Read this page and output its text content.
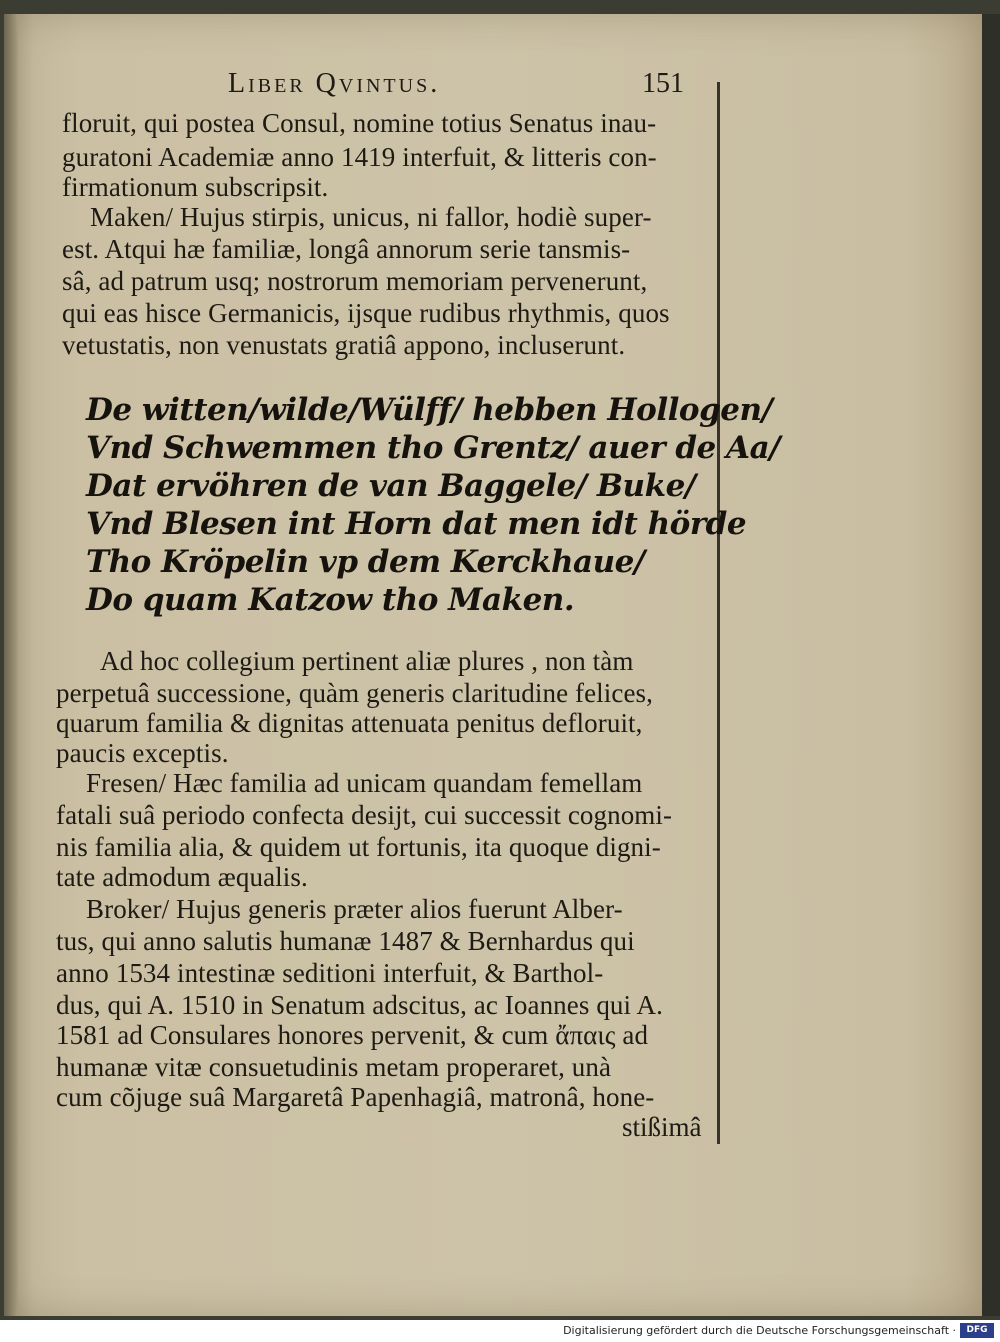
Liber Qvintus.	151
floruit, qui postea Consul, nomine totius Senatus inau-
guratoni Academiæ anno 1419 interfuit, & litteris con-
firmationum subscripsit.
Maken/ Hujus stirpis, unicus, ni fallor, hodiè super-
est. Atqui hæ familiæ, longâ annorum serie tansmis-
sâ, ad patrum usq; nostrorum memoriam pervenerunt,
qui eas hisce Germanicis, ijsque rudibus rhythmis, quos
vetustatis, non venustats gratiâ appono, incluserunt.
De witten/wilde/Wülff/ hebben Hollogen/
Vnd Schwemmen tho Grentz/ auer de Aa/
Dat ervöhren de van Baggele/ Buke/
Vnd Blesen int Horn dat men idt hörde
Tho Kröpelin vp dem Kerckhaue/
Do quam Katzow tho Maken.
Ad hoc collegium pertinent aliæ plures , non tàm
perpetuâ successione, quàm generis claritudine felices,
quarum familia & dignitas attenuata penitus defloruit,
paucis exceptis.
Fresen/ Hæc familia ad unicam quandam femellam
fatali suâ periodo confecta desijt, cui successit cognomi-
nis familia alia, & quidem ut fortunis, ita quoque digni-
tate admodum æqualis.
Broker/ Hujus generis præter alios fuerunt Alber-
tus, qui anno salutis humanæ 1487 & Bernhardus qui
anno 1534 intestinæ seditioni interfuit, & Barthol-
dus, qui A. 1510 in Senatum adscitus, ac Ioannes qui A.
1581 ad Consulares honores pervenit, & cum ἄπαις ad
humanæ vitæ consuetudinis metam properaret, unà
cum cõjuge suâ Margaretâ Papenhagiâ, matronâ, hone-
stißimâ
Digitalisierung gefördert durch die Deutsche Forschungsgemeinschaft ·	DFG
